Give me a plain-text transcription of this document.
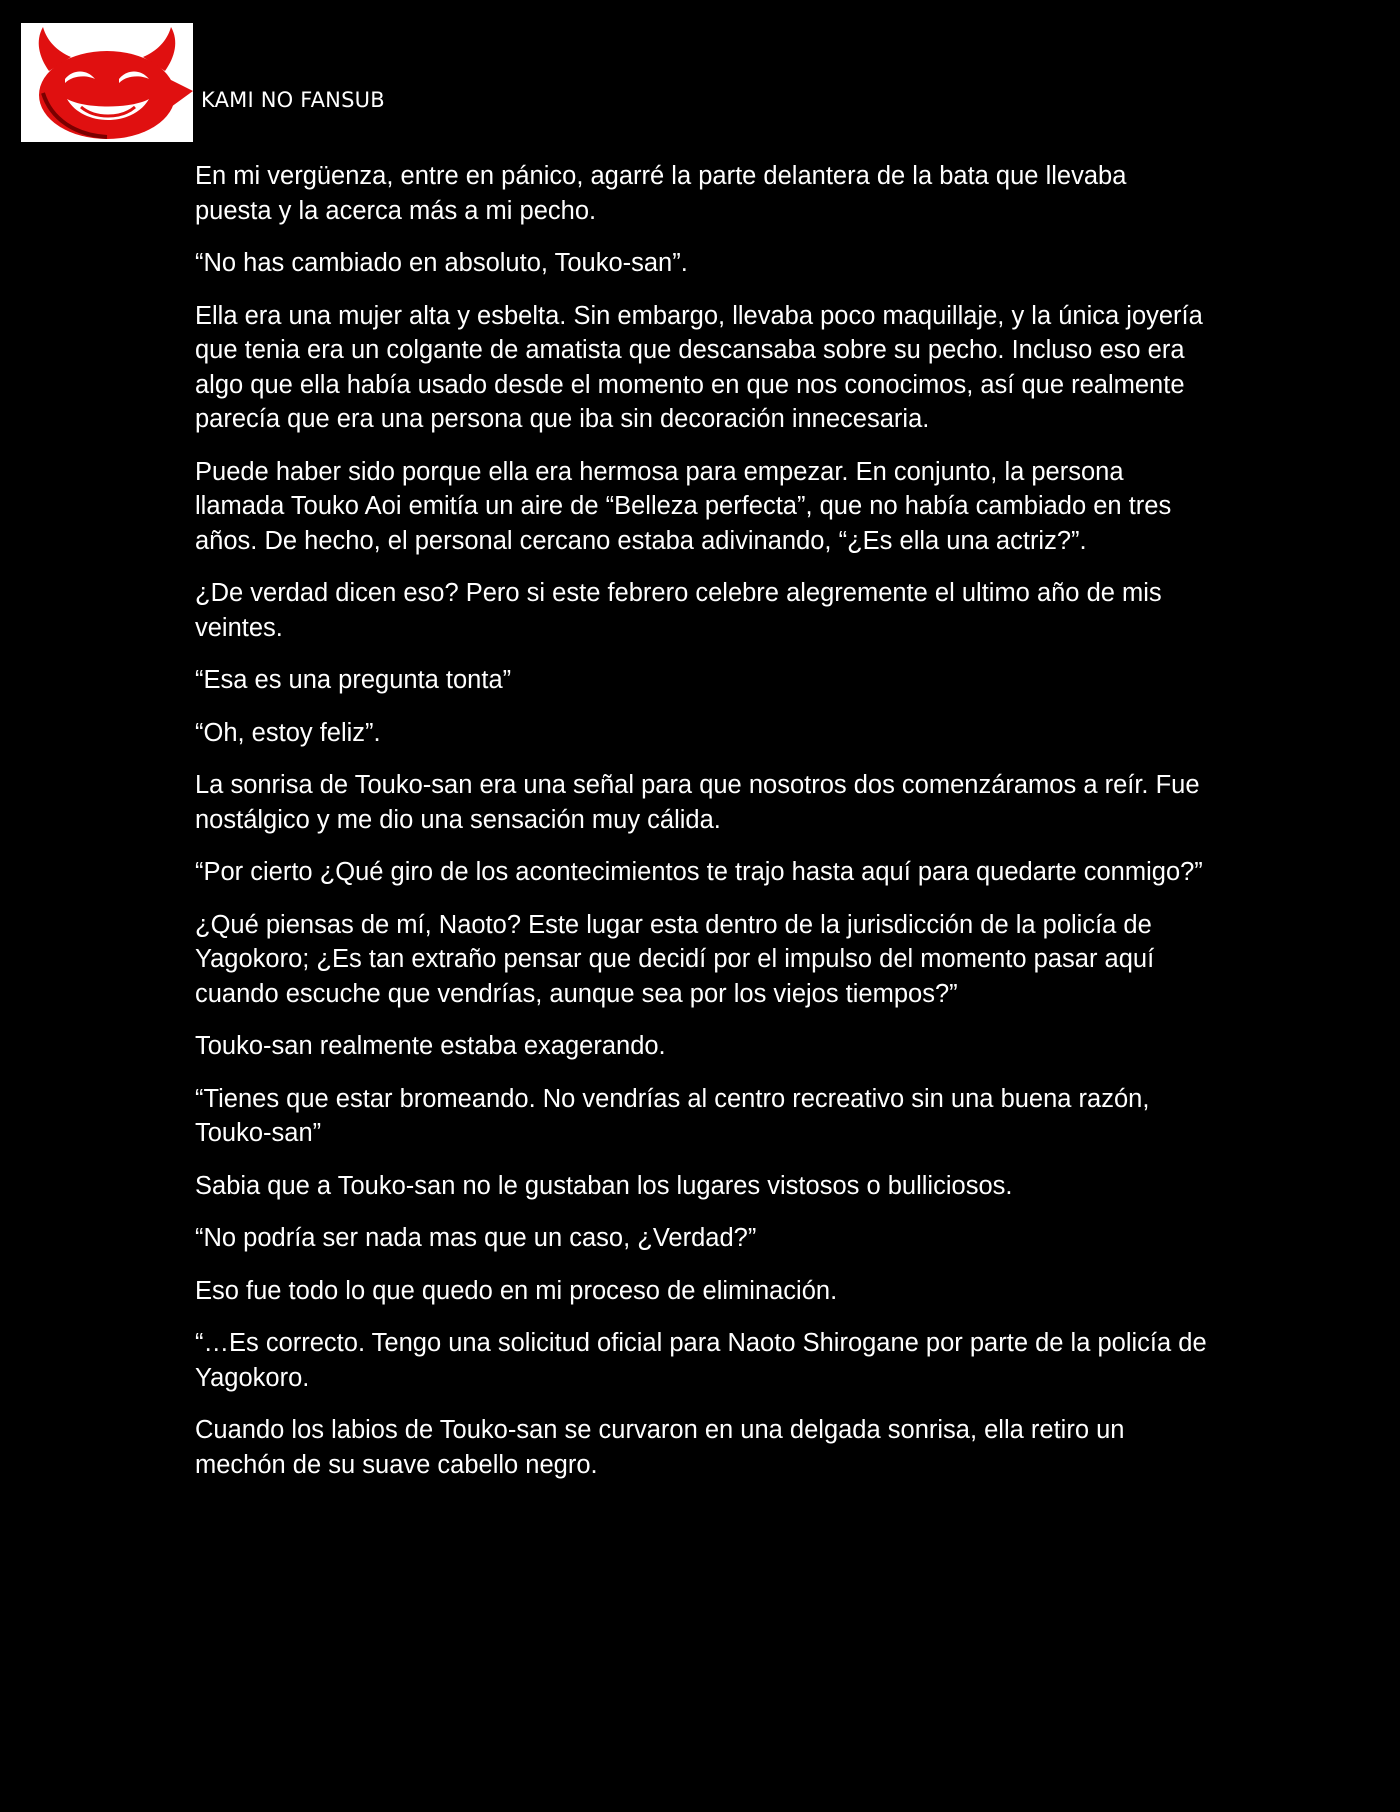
KAMI NO FANSUB

En mi vergüenza, entre en pánico, agarré la parte delantera de la bata que llevaba puesta y la acerca más a mi pecho.

“No has cambiado en absoluto, Touko-san”.

Ella era una mujer alta y esbelta. Sin embargo, llevaba poco maquillaje, y la única joyería que tenia era un colgante de amatista que descansaba sobre su pecho. Incluso eso era algo que ella había usado desde el momento en que nos conocimos, así que realmente parecía que era una persona que iba sin decoración innecesaria.

Puede haber sido porque ella era hermosa para empezar. En conjunto, la persona llamada Touko Aoi emitía un aire de “Belleza perfecta”, que no había cambiado en tres años. De hecho, el personal cercano estaba adivinando, “¿Es ella una actriz?”.

¿De verdad dicen eso? Pero si este febrero celebre alegremente el ultimo año de mis veintes.

“Esa es una pregunta tonta”

“Oh, estoy feliz”.

La sonrisa de Touko-san era una señal para que nosotros dos comenzáramos a reír. Fue nostálgico y me dio una sensación muy cálida.

“Por cierto ¿Qué giro de los acontecimientos te trajo hasta aquí para quedarte conmigo?”

¿Qué piensas de mí, Naoto? Este lugar esta dentro de la jurisdicción de la policía de Yagokoro; ¿Es tan extraño pensar que decidí por el impulso del momento pasar aquí cuando escuche que vendrías, aunque sea por los viejos tiempos?”

Touko-san realmente estaba exagerando.

“Tienes que estar bromeando. No vendrías al centro recreativo sin una buena razón, Touko-san”

Sabia que a Touko-san no le gustaban los lugares vistosos o bulliciosos.

“No podría ser nada mas que un caso, ¿Verdad?”

Eso fue todo lo que quedo en mi proceso de eliminación.

“…Es correcto. Tengo una solicitud oficial para Naoto Shirogane por parte de la policía de Yagokoro.

Cuando los labios de Touko-san se curvaron en una delgada sonrisa, ella retiro un mechón de su suave cabello negro.
